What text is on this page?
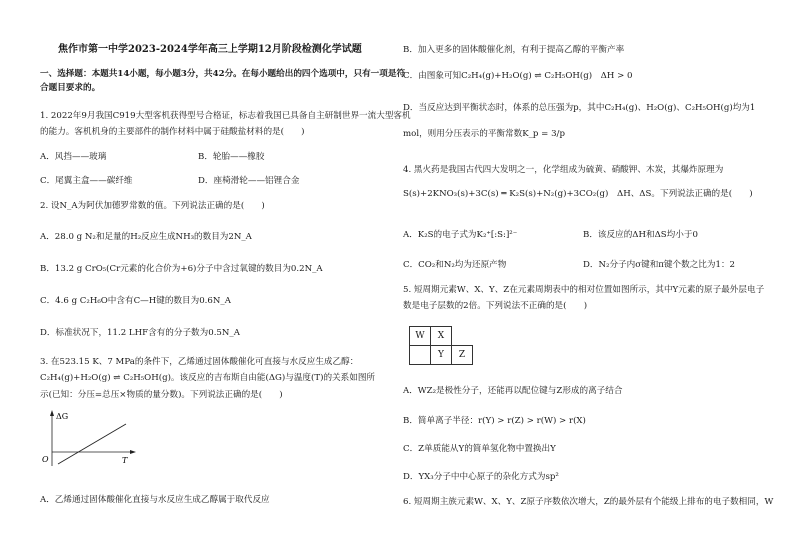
焦作市第一中学2023-2024学年高三上学期12月阶段检测化学试题
一、选择题：本题共14小题，每小题3分，共42分。在每小题给出的四个选项中，只有一项是符
合题目要求的。
1. 2022年9月我国C919大型客机获得型号合格证，标志着我国已具备自主研制世界一流大型客机
的能力。客机机身的主要部件的制作材料中属于硅酸盐材料的是(　　)
A．风挡——玻璃	B．轮胎——橡胶
C．尾翼主盒——碳纤维	D．座椅滑轮——铝锂合金
2. 设N_A为阿伏加德罗常数的值。下列说法正确的是(　　)
A．28.0 g N₂和足量的H₂反应生成NH₃的数目为2N_A
B．13.2 g CrO₅(Cr元素的化合价为+6)分子中含过氧键的数目为0.2N_A
C．4.6 g C₂H₆O中含有C—H键的数目为0.6N_A
D．标准状况下，11.2 LHF含有的分子数为0.5N_A
3. 在523.15 K、7 MPa的条件下，乙烯通过固体酸催化可直接与水反应生成乙醇：
C₂H₄(g)+H₂O(g) ⇌ C₂H₅OH(g)。该反应的吉布斯自由能(ΔG)与温度(T)的关系如图所
示(已知：分压=总压×物质的量分数)。下列说法正确的是(　　)
ΔG
T
O
A．乙烯通过固体酸催化直接与水反应生成乙醇属于取代反应
B．加入更多的固体酸催化剂，有利于提高乙醇的平衡产率
C．由图象可知C₂H₄(g)+H₂O(g) ⇌ C₂H₅OH(g)　ΔH > 0
D．当反应达到平衡状态时，体系的总压强为p，其中C₂H₄(g)、H₂O(g)、C₂H₅OH(g)均为1
mol，则用分压表示的平衡常数K_p = 3/p
4. 黑火药是我国古代四大发明之一，化学组成为硫黄、硝酸钾、木炭，其爆炸原理为
S(s)+2KNO₃(s)+3C(s) ═ K₂S(s)+N₂(g)+3CO₂(g)　ΔH、ΔS。下列说法正确的是(　　)
A．K₂S的电子式为K₂⁺[:S:]²⁻	B．该反应的ΔH和ΔS均小于0
C．CO₂和N₂均为还原产物	D．N₂分子内σ键和π键个数之比为1：2
5. 短周期元素W、X、Y、Z在元素周期表中的相对位置如图所示，其中Y元素的原子最外层电子
数是电子层数的2倍。下列说法不正确的是(　　)
W	X	
	Y	Z
A．WZ₂是极性分子，还能再以配位键与Z形成的离子结合
B．简单离子半径：r(Y) > r(Z) > r(W) > r(X)
C．Z单质能从Y的简单氢化物中置换出Y
D．YX₃分子中中心原子的杂化方式为sp²
6. 短周期主族元素W、X、Y、Z原子序数依次增大，Z的最外层有个能级上排布的电子数相同，W
